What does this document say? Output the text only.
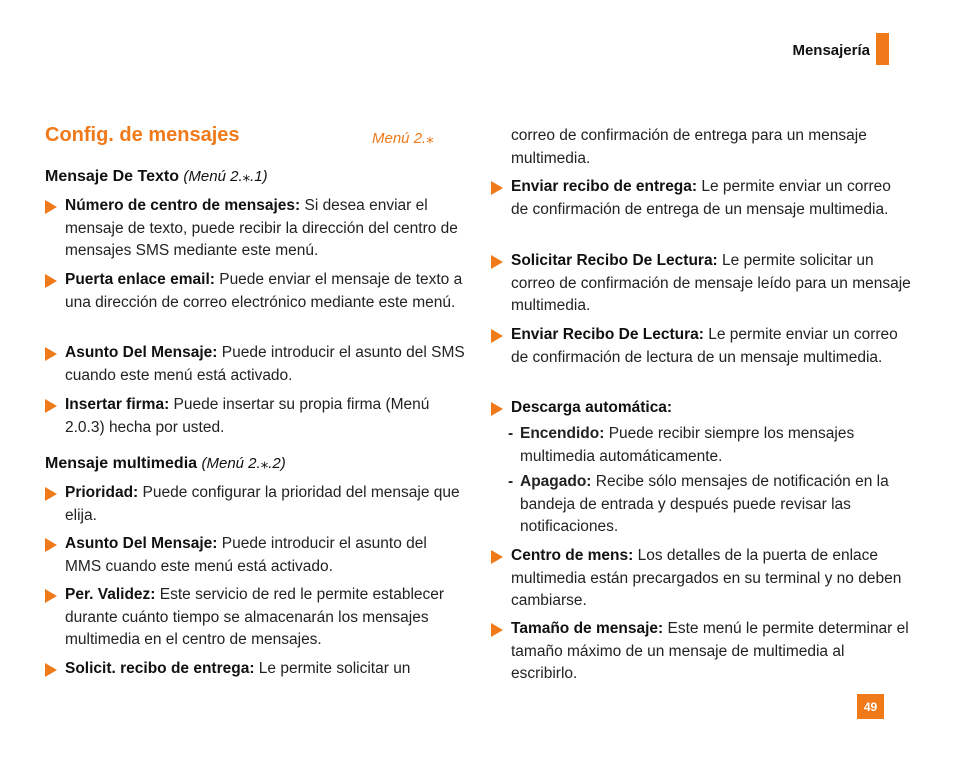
Mensajería
Config. de mensajes	Menú 2.⁎
Mensaje De Texto (Menú 2.⁎.1)
Número de centro de mensajes: Si desea enviar el mensaje de texto, puede recibir la dirección del centro de mensajes SMS mediante este menú.
Puerta enlace email: Puede enviar el mensaje de texto a una dirección de correo electrónico mediante este menú.
Asunto Del Mensaje: Puede introducir el asunto del SMS cuando este menú está activado.
Insertar firma: Puede insertar su propia firma (Menú 2.0.3) hecha por usted.
Mensaje multimedia (Menú 2.⁎.2)
Prioridad: Puede configurar la prioridad del mensaje que elija.
Asunto Del Mensaje: Puede introducir el asunto del MMS cuando este menú está activado.
Per. Validez: Este servicio de red le permite establecer durante cuánto tiempo se almacenarán los mensajes multimedia en el centro de mensajes.
Solicit. recibo de entrega: Le permite solicitar un
correo de confirmación de entrega para un mensaje multimedia.
Enviar recibo de entrega: Le permite enviar un correo de confirmación de entrega de un mensaje multimedia.
Solicitar Recibo De Lectura: Le permite solicitar un correo de confirmación de mensaje leído para un mensaje multimedia.
Enviar Recibo De Lectura: Le permite enviar un correo de confirmación de lectura de un mensaje multimedia.
Descarga automática:
- Encendido: Puede recibir siempre los mensajes multimedia automáticamente.
- Apagado: Recibe sólo mensajes de notificación en la bandeja de entrada y después puede revisar las notificaciones.
Centro de mens: Los detalles de la puerta de enlace multimedia están precargados en su terminal y no deben cambiarse.
Tamaño de mensaje: Este menú le permite determinar el tamaño máximo de un mensaje de multimedia al escribirlo.
49
